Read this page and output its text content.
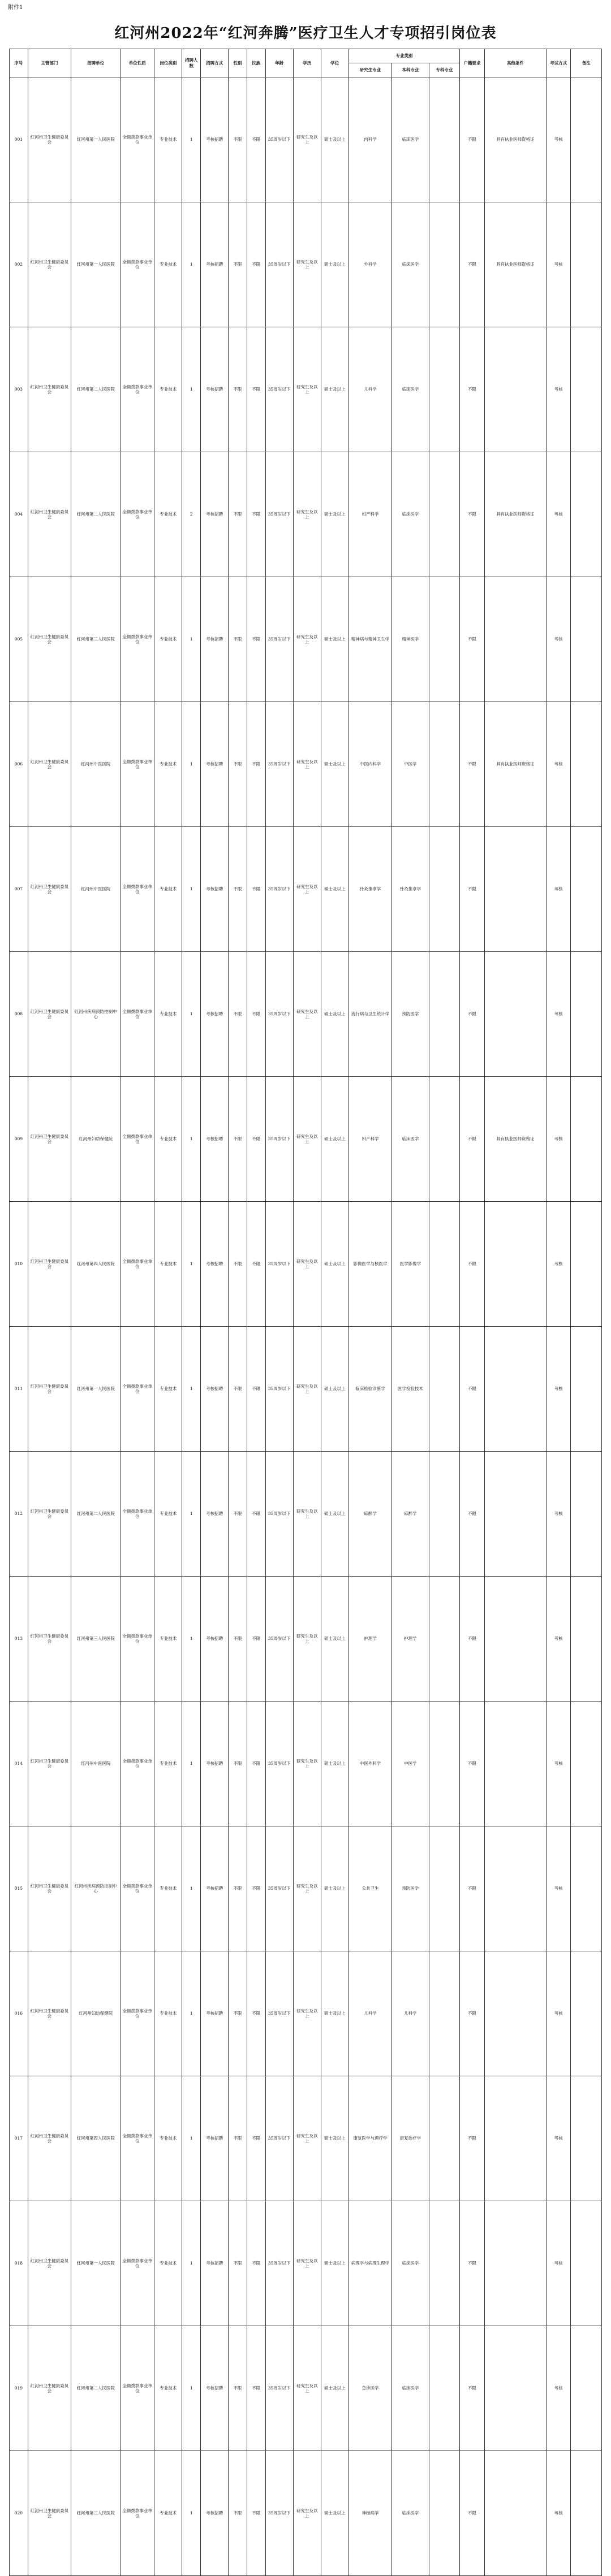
附件1
红河州2022年“红河奔腾”医疗卫生人才专项招引岗位表
序号	主管部门	招聘单位	单位性质	岗位类别	招聘人数	招聘方式	性别	民族	年龄	学历	学位	专业类别			户籍要求	其他条件	考试方式	备注
												研究生专业	本科专业	专科专业				
001	红河州卫生健康委员会	红河州第一人民医院	全额拨款事业单位	专业技术	1	考核招聘	不限	不限	35周岁以下	研究生及以上	硕士及以上	内科学	临床医学		不限	具有执业医师资格证	考核	
002	红河州卫生健康委员会	红河州第一人民医院	全额拨款事业单位	专业技术	1	考核招聘	不限	不限	35周岁以下	研究生及以上	硕士及以上	外科学	临床医学		不限	具有执业医师资格证	考核	
003	红河州卫生健康委员会	红河州第二人民医院	全额拨款事业单位	专业技术	1	考核招聘	不限	不限	35周岁以下	研究生及以上	硕士及以上	儿科学	临床医学		不限		考核	
004	红河州卫生健康委员会	红河州第二人民医院	全额拨款事业单位	专业技术	2	考核招聘	不限	不限	35周岁以下	研究生及以上	硕士及以上	妇产科学	临床医学		不限	具有执业医师资格证	考核	
005	红河州卫生健康委员会	红河州第三人民医院	全额拨款事业单位	专业技术	1	考核招聘	不限	不限	35周岁以下	研究生及以上	硕士及以上	精神病与精神卫生学	精神医学		不限		考核	
006	红河州卫生健康委员会	红河州中医医院	全额拨款事业单位	专业技术	1	考核招聘	不限	不限	35周岁以下	研究生及以上	硕士及以上	中医内科学	中医学		不限	具有执业医师资格证	考核	
007	红河州卫生健康委员会	红河州中医医院	全额拨款事业单位	专业技术	1	考核招聘	不限	不限	35周岁以下	研究生及以上	硕士及以上	针灸推拿学	针灸推拿学		不限		考核	
008	红河州卫生健康委员会	红河州疾病预防控制中心	全额拨款事业单位	专业技术	1	考核招聘	不限	不限	35周岁以下	研究生及以上	硕士及以上	流行病与卫生统计学	预防医学		不限		考核	
009	红河州卫生健康委员会	红河州妇幼保健院	全额拨款事业单位	专业技术	1	考核招聘	不限	不限	35周岁以下	研究生及以上	硕士及以上	妇产科学	临床医学		不限	具有执业医师资格证	考核	
010	红河州卫生健康委员会	红河州第四人民医院	全额拨款事业单位	专业技术	1	考核招聘	不限	不限	35周岁以下	研究生及以上	硕士及以上	影像医学与核医学	医学影像学		不限		考核	
011	红河州卫生健康委员会	红河州第一人民医院	全额拨款事业单位	专业技术	1	考核招聘	不限	不限	35周岁以下	研究生及以上	硕士及以上	临床检验诊断学	医学检验技术		不限		考核	
012	红河州卫生健康委员会	红河州第二人民医院	全额拨款事业单位	专业技术	1	考核招聘	不限	不限	35周岁以下	研究生及以上	硕士及以上	麻醉学	麻醉学		不限		考核	
013	红河州卫生健康委员会	红河州第三人民医院	全额拨款事业单位	专业技术	1	考核招聘	不限	不限	35周岁以下	研究生及以上	硕士及以上	护理学	护理学		不限		考核	
014	红河州卫生健康委员会	红河州中医医院	全额拨款事业单位	专业技术	1	考核招聘	不限	不限	35周岁以下	研究生及以上	硕士及以上	中医外科学	中医学		不限		考核	
015	红河州卫生健康委员会	红河州疾病预防控制中心	全额拨款事业单位	专业技术	1	考核招聘	不限	不限	35周岁以下	研究生及以上	硕士及以上	公共卫生	预防医学		不限		考核	
016	红河州卫生健康委员会	红河州妇幼保健院	全额拨款事业单位	专业技术	1	考核招聘	不限	不限	35周岁以下	研究生及以上	硕士及以上	儿科学	儿科学		不限		考核	
017	红河州卫生健康委员会	红河州第四人民医院	全额拨款事业单位	专业技术	1	考核招聘	不限	不限	35周岁以下	研究生及以上	硕士及以上	康复医学与理疗学	康复治疗学		不限		考核	
018	红河州卫生健康委员会	红河州第一人民医院	全额拨款事业单位	专业技术	1	考核招聘	不限	不限	35周岁以下	研究生及以上	硕士及以上	病理学与病理生理学	临床医学		不限		考核	
019	红河州卫生健康委员会	红河州第二人民医院	全额拨款事业单位	专业技术	1	考核招聘	不限	不限	35周岁以下	研究生及以上	硕士及以上	急诊医学	临床医学		不限		考核	
020	红河州卫生健康委员会	红河州第三人民医院	全额拨款事业单位	专业技术	1	考核招聘	不限	不限	35周岁以下	研究生及以上	硕士及以上	神经病学	临床医学		不限		考核	
